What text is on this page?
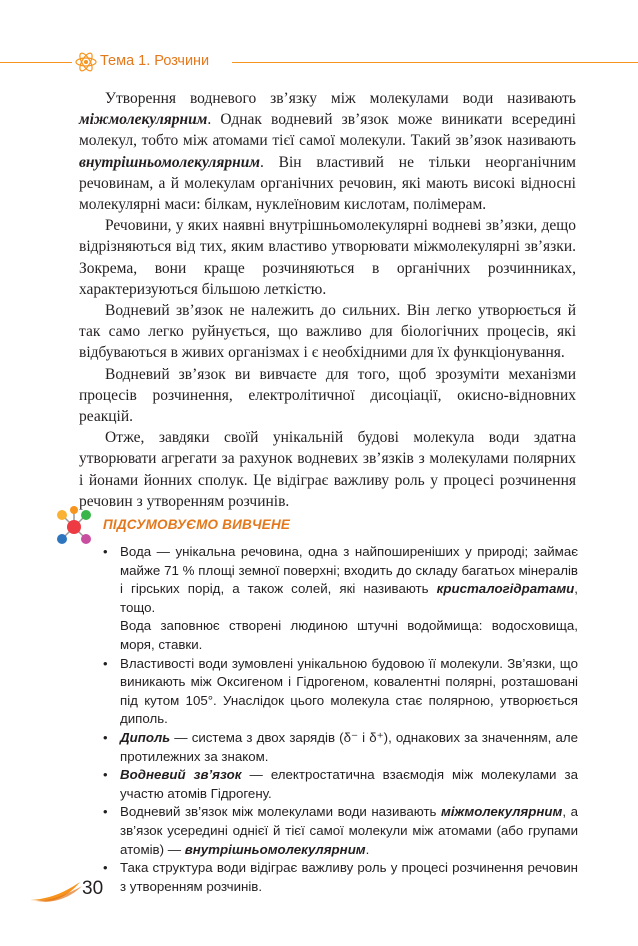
Тема 1. Розчини

Утворення водневого зв’язку між молекулами води називають міжмолекулярним. Однак водневий зв’язок може виникати всередині молекул, тобто між атомами тієї самої молекули. Такий зв’язок називають внутрішньомолекулярним. Він властивий не тільки неорганічним речовинам, а й молекулам органічних речовин, які мають високі відносні молекулярні маси: білкам, нуклеїновим кислотам, полімерам.

Речовини, у яких наявні внутрішньомолекулярні водневі зв’язки, дещо відрізняються від тих, яким властиво утворювати міжмолекулярні зв’язки. Зокрема, вони краще розчиняються в органічних розчинниках, характеризуються більшою леткістю.

Водневий зв’язок не належить до сильних. Він легко утворюється й так само легко руйнується, що важливо для біологічних процесів, які відбуваються в живих організмах і є необхідними для їх функціонування.

Водневий зв’язок ви вивчаєте для того, щоб зрозуміти механізми процесів розчинення, електролітичної дисоціації, окисно-відновних реакцій.

Отже, завдяки своїй унікальній будові молекула води здатна утворювати агрегати за рахунок водневих зв’язків з молекулами полярних і йонами йонних сполук. Це відіграє важливу роль у процесі розчинення речовин з утворенням розчинів.

ПІДСУМОВУЄМО ВИВЧЕНЕ
• Вода — унікальна речовина, одна з найпоширеніших у природі; займає майже 71 % площі земної поверхні; входить до складу багатьох мінералів і гірських порід, а також солей, які називають кристалогідратами, тощо.
Вода заповнює створені людиною штучні водоймища: водосховища, моря, ставки.
• Властивості води зумовлені унікальною будовою її молекули. Зв’язки, що виникають між Оксигеном і Гідрогеном, ковалентні полярні, розташовані під кутом 105°. Унаслідок цього молекула стає полярною, утворюється диполь.
• Диполь — система з двох зарядів (δ⁻ і δ⁺), однакових за значенням, але протилежних за знаком.
• Водневий зв’язок — електростатична взаємодія між молекулами за участю атомів Гідрогену.
• Водневий зв’язок між молекулами води називають міжмолекулярним, а зв’язок усередині однієї й тієї самої молекули між атомами (або групами атомів) — внутрішньомолекулярним.
• Така структура води відіграє важливу роль у процесі розчинення речовин з утворенням розчинів.
30
